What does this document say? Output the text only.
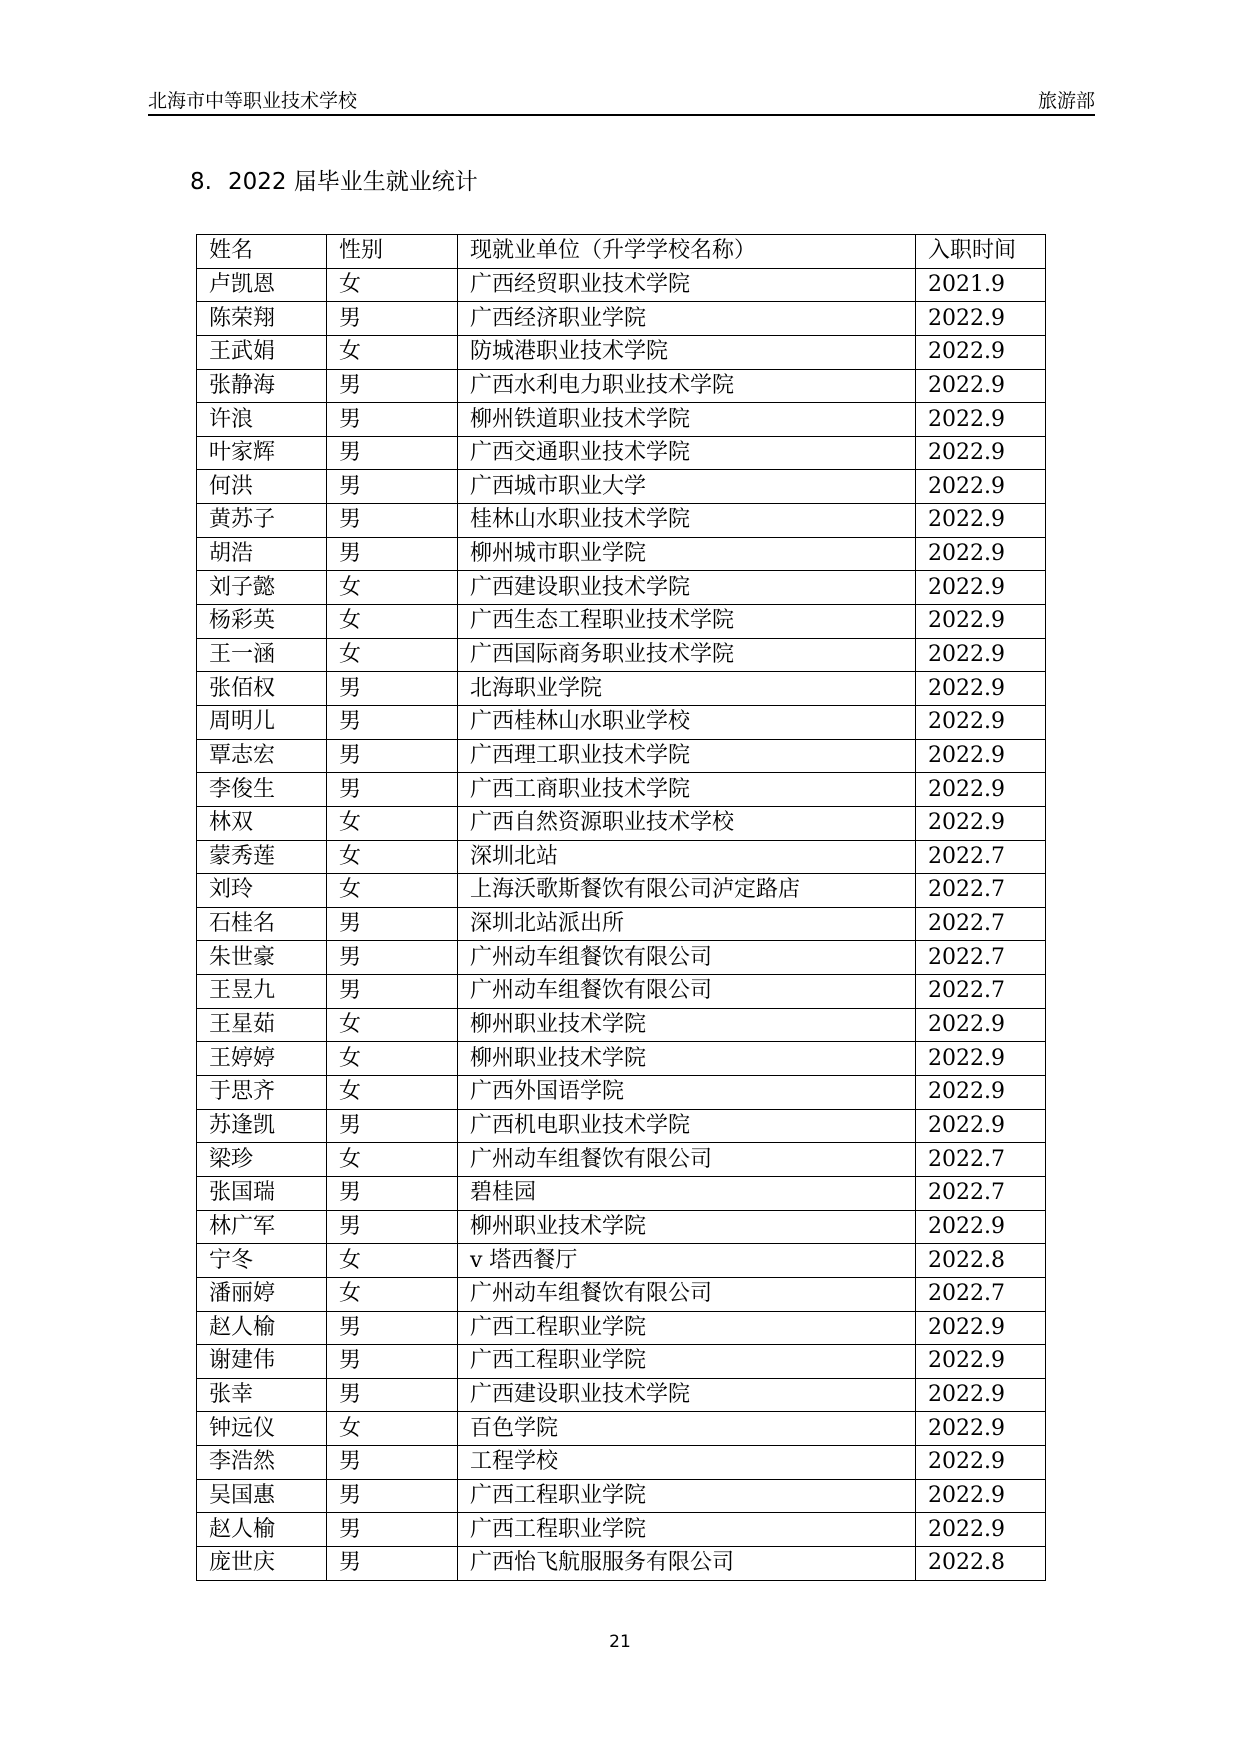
北海市中等职业技术学校	旅游部
8. 2022 届毕业生就业统计
姓名	性别	现就业单位（升学学校名称）	入职时间
卢凯恩	女	广西经贸职业技术学院	2021.9
陈荣翔	男	广西经济职业学院	2022.9
王武娟	女	防城港职业技术学院	2022.9
张静海	男	广西水利电力职业技术学院	2022.9
许浪	男	柳州铁道职业技术学院	2022.9
叶家辉	男	广西交通职业技术学院	2022.9
何洪	男	广西城市职业大学	2022.9
黄苏子	男	桂林山水职业技术学院	2022.9
胡浩	男	柳州城市职业学院	2022.9
刘子懿	女	广西建设职业技术学院	2022.9
杨彩英	女	广西生态工程职业技术学院	2022.9
王一涵	女	广西国际商务职业技术学院	2022.9
张佰权	男	北海职业学院	2022.9
周明儿	男	广西桂林山水职业学校	2022.9
覃志宏	男	广西理工职业技术学院	2022.9
李俊生	男	广西工商职业技术学院	2022.9
林双	女	广西自然资源职业技术学校	2022.9
蒙秀莲	女	深圳北站	2022.7
刘玲	女	上海沃歌斯餐饮有限公司泸定路店	2022.7
石桂名	男	深圳北站派出所	2022.7
朱世豪	男	广州动车组餐饮有限公司	2022.7
王昱九	男	广州动车组餐饮有限公司	2022.7
王星茹	女	柳州职业技术学院	2022.9
王婷婷	女	柳州职业技术学院	2022.9
于思齐	女	广西外国语学院	2022.9
苏逢凯	男	广西机电职业技术学院	2022.9
梁珍	女	广州动车组餐饮有限公司	2022.7
张国瑞	男	碧桂园	2022.7
林广军	男	柳州职业技术学院	2022.9
宁冬	女	v 塔西餐厅	2022.8
潘丽婷	女	广州动车组餐饮有限公司	2022.7
赵人榆	男	广西工程职业学院	2022.9
谢建伟	男	广西工程职业学院	2022.9
张幸	男	广西建设职业技术学院	2022.9
钟远仪	女	百色学院	2022.9
李浩然	男	工程学校	2022.9
吴国惠	男	广西工程职业学院	2022.9
赵人榆	男	广西工程职业学院	2022.9
庞世庆	男	广西怡飞航服服务有限公司	2022.8
21
